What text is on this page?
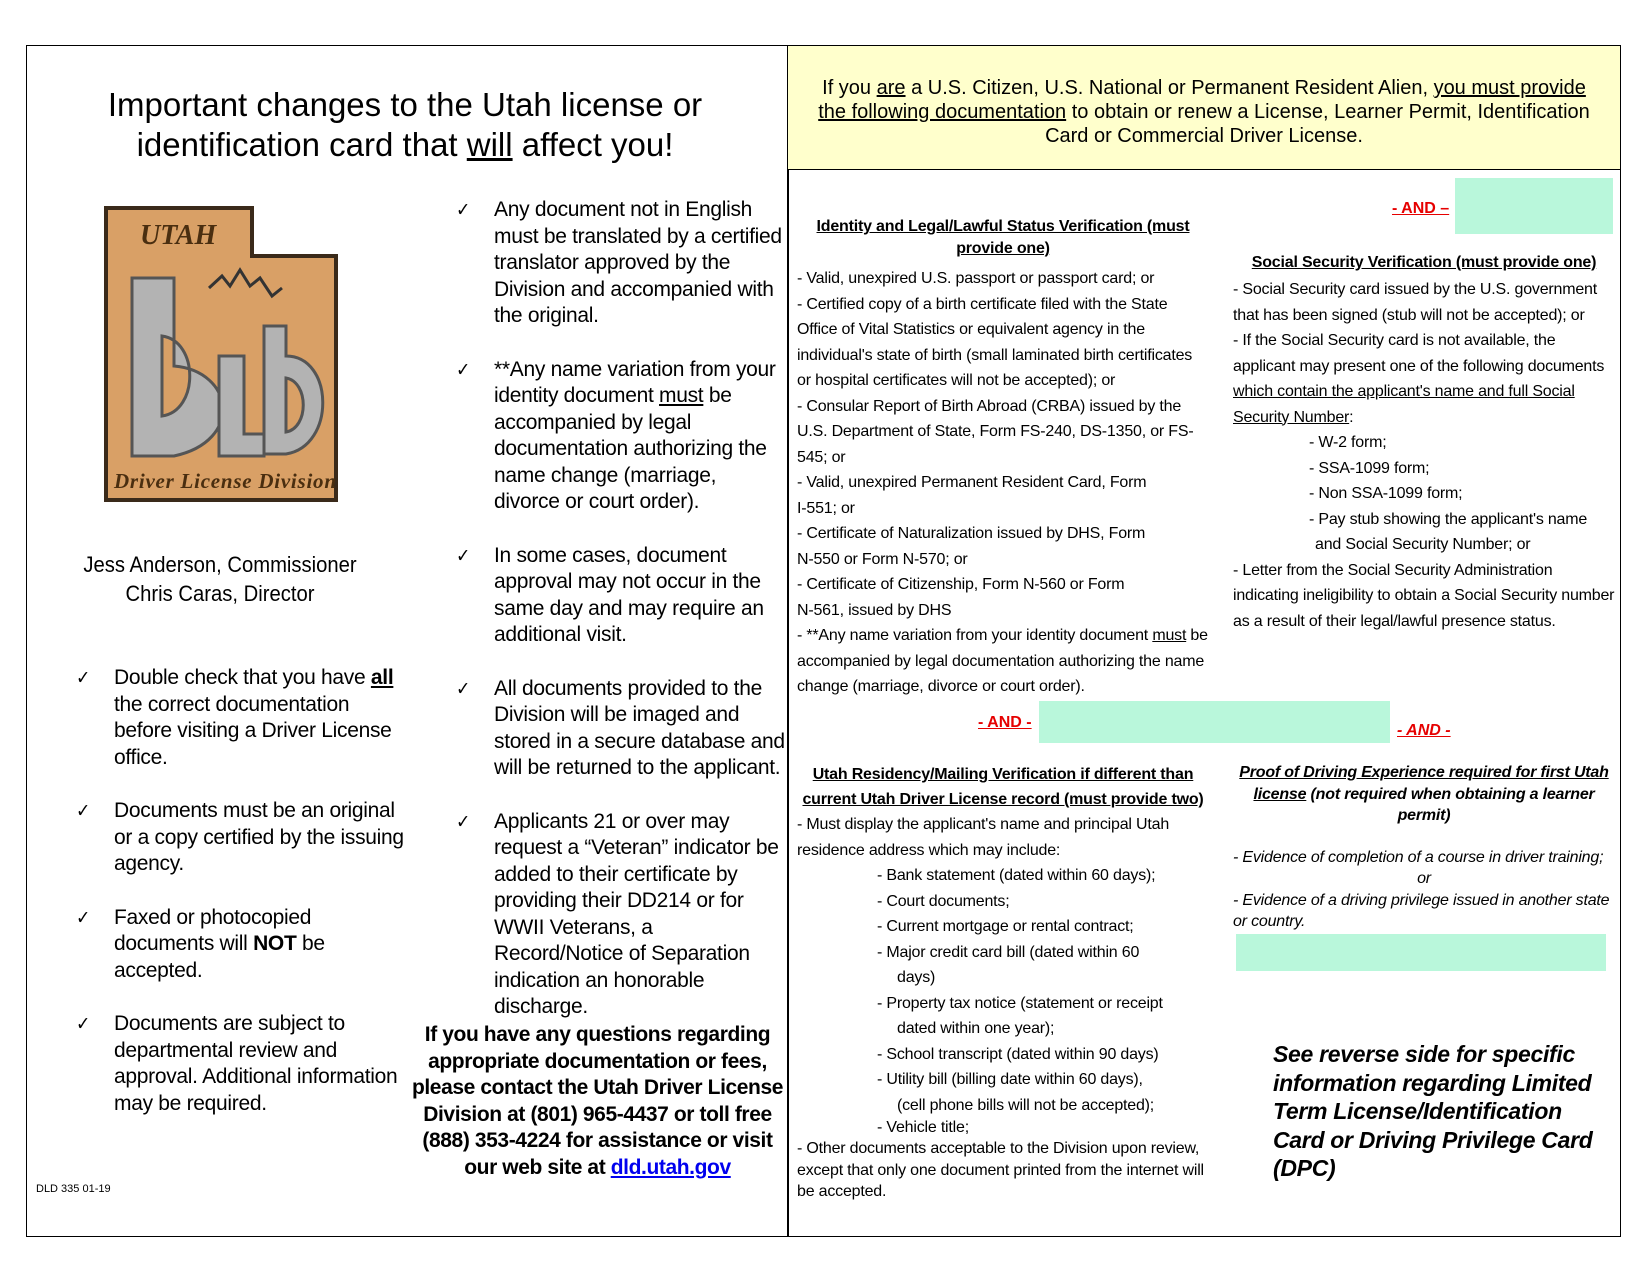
Important changes to the Utah license or
identification card that will affect you!
UTAH
Driver License Division
Jess Anderson, Commissioner
Chris Caras, Director
✓ Double check that you have all the correct documentation before visiting a Driver License office.
✓ Documents must be an original or a copy certified by the issuing agency.
✓ Faxed or photocopied documents will NOT be accepted.
✓ Documents are subject to departmental review and approval. Additional information may be required.
✓ Any document not in English must be translated by a certified translator approved by the Division and accompanied with the original.
✓ **Any name variation from your identity document must be accompanied by legal documentation authorizing the name change (marriage, divorce or court order).
✓ In some cases, document approval may not occur in the same day and may require an additional visit.
✓ All documents provided to the Division will be imaged and stored in a secure database and will be returned to the applicant.
✓ Applicants 21 or over may request a “Veteran” indicator be added to their certificate by providing their DD214 or for WWII Veterans, a Record/Notice of Separation indication an honorable discharge.
If you have any questions regarding appropriate documentation or fees, please contact the Utah Driver License Division at (801) 965-4437 or toll free (888) 353-4224 for assistance or visit our web site at dld.utah.gov
DLD 335 01-19
If you are a U.S. Citizen, U.S. National or Permanent Resident Alien, you must provide the following documentation to obtain or renew a License, Learner Permit, Identification Card or Commercial Driver License.
- AND –
Identity and Legal/Lawful Status Verification (must provide one)
- Valid, unexpired U.S. passport or passport card; or
- Certified copy of a birth certificate filed with the State
Office of Vital Statistics or equivalent agency in the
individual's state of birth (small laminated birth certificates
or hospital certificates will not be accepted); or
- Consular Report of Birth Abroad (CRBA) issued by the
U.S. Department of State, Form FS-240, DS-1350, or FS-
545; or
- Valid, unexpired Permanent Resident Card, Form
I-551; or
- Certificate of Naturalization issued by DHS, Form
N-550 or Form N-570; or
- Certificate of Citizenship, Form N-560 or Form
N-561, issued by DHS
- **Any name variation from your identity document must be accompanied by legal documentation authorizing the name change (marriage, divorce or court order).
Social Security Verification (must provide one)
- Social Security card issued by the U.S. government that has been signed (stub will not be accepted); or
- If the Social Security card is not available, the applicant may present one of the following documents which contain the applicant's name and full Social Security Number:
- W-2 form;
- SSA-1099 form;
- Non SSA-1099 form;
- Pay stub showing the applicant's name
and Social Security Number; or
- Letter from the Social Security Administration indicating ineligibility to obtain a Social Security number as a result of their legal/lawful presence status.
- AND -	- AND -
Utah Residency/Mailing Verification if different than current Utah Driver License record (must provide two)
- Must display the applicant's name and principal Utah residence address which may include:
- Bank statement (dated within 60 days);
- Court documents;
- Current mortgage or rental contract;
- Major credit card bill (dated within 60
days)
- Property tax notice (statement or receipt
dated within one year);
- School transcript (dated within 90 days)
- Utility bill (billing date within 60 days),
(cell phone bills will not be accepted);
- Vehicle title;
- Other documents acceptable to the Division upon review, except that only one document printed from the internet will be accepted.
Proof of Driving Experience required for first Utah license (not required when obtaining a learner permit)
- Evidence of completion of a course in driver training;
or
- Evidence of a driving privilege issued in another state or country.
See reverse side for specific information regarding Limited Term License/Identification Card or Driving Privilege Card (DPC)
